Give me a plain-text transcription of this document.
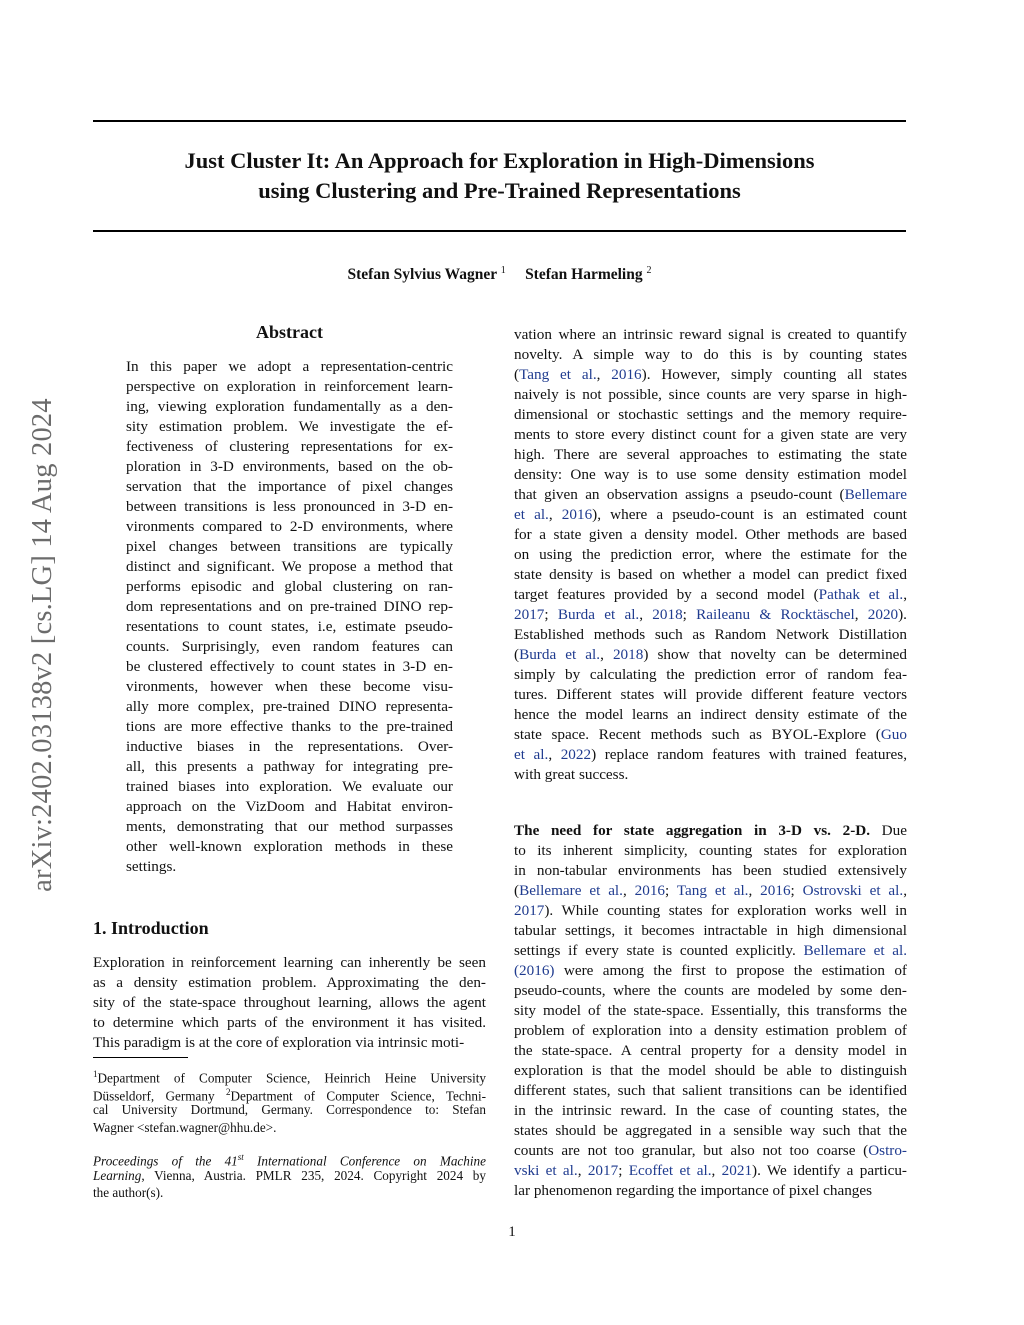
Just Cluster It: An Approach for Exploration in High-Dimensions
using Clustering and Pre-Trained Representations
Stefan Sylvius Wagner $^1$ Stefan Harmeling $^2$
arXiv:2402.03138v2 [cs.LG] 14 Aug 2024
Abstract
In this paper we adopt a representation-centric
perspective on exploration in reinforcement learn-
ing, viewing exploration fundamentally as a den-
sity estimation problem. We investigate the ef-
fectiveness of clustering representations for ex-
ploration in 3-D environments, based on the ob-
servation that the importance of pixel changes
between transitions is less pronounced in 3-D en-
vironments compared to 2-D environments, where
pixel changes between transitions are typically
distinct and significant. We propose a method that
performs episodic and global clustering on ran-
dom representations and on pre-trained DINO rep-
resentations to count states, i.e, estimate pseudo-
counts. Surprisingly, even random features can
be clustered effectively to count states in 3-D en-
vironments, however when these become visu-
ally more complex, pre-trained DINO representa-
tions are more effective thanks to the pre-trained
inductive biases in the representations. Over-
all, this presents a pathway for integrating pre-
trained biases into exploration. We evaluate our
approach on the VizDoom and Habitat environ-
ments, demonstrating that our method surpasses
other well-known exploration methods in these
settings.
1. Introduction
Exploration in reinforcement learning can inherently be seen
as a density estimation problem. Approximating the den-
sity of the state-space throughout learning, allows the agent
to determine which parts of the environment it has visited.
This paradigm is at the core of exploration via intrinsic moti-
$^1$Department of Computer Science, Heinrich Heine University
Düsseldorf, Germany $^2$Department of Computer Science, Techni-
cal University Dortmund, Germany. Correspondence to: Stefan
Wagner <stefan.wagner@hhu.de>.
Proceedings of the 41st International Conference on Machine
Learning, Vienna, Austria. PMLR 235, 2024. Copyright 2024 by
the author(s).
vation where an intrinsic reward signal is created to quantify
novelty. A simple way to do this is by counting states
(Tang et al., 2016). However, simply counting all states
naively is not possible, since counts are very sparse in high-
dimensional or stochastic settings and the memory require-
ments to store every distinct count for a given state are very
high. There are several approaches to estimating the state
density: One way is to use some density estimation model
that given an observation assigns a pseudo-count (Bellemare
et al., 2016), where a pseudo-count is an estimated count
for a state given a density model. Other methods are based
on using the prediction error, where the estimate for the
state density is based on whether a model can predict fixed
target features provided by a second model (Pathak et al.,
2017; Burda et al., 2018; Raileanu & Rocktäschel, 2020).
Established methods such as Random Network Distillation
(Burda et al., 2018) show that novelty can be determined
simply by calculating the prediction error of random fea-
tures. Different states will provide different feature vectors
hence the model learns an indirect density estimate of the
state space. Recent methods such as BYOL-Explore (Guo
et al., 2022) replace random features with trained features,
with great success.
The need for state aggregation in 3-D vs. 2-D. Due
to its inherent simplicity, counting states for exploration
in non-tabular environments has been studied extensively
(Bellemare et al., 2016; Tang et al., 2016; Ostrovski et al.,
2017). While counting states for exploration works well in
tabular settings, it becomes intractable in high dimensional
settings if every state is counted explicitly. Bellemare et al.
(2016) were among the first to propose the estimation of
pseudo-counts, where the counts are modeled by some den-
sity model of the state-space. Essentially, this transforms the
problem of exploration into a density estimation problem of
the state-space. A central property for a density model in
exploration is that the model should be able to distinguish
different states, such that salient transitions can be identified
in the intrinsic reward. In the case of counting states, the
states should be aggregated in a sensible way such that the
counts are not too granular, but also not too coarse (Ostro-
vski et al., 2017; Ecoffet et al., 2021). We identify a particu-
lar phenomenon regarding the importance of pixel changes
1
